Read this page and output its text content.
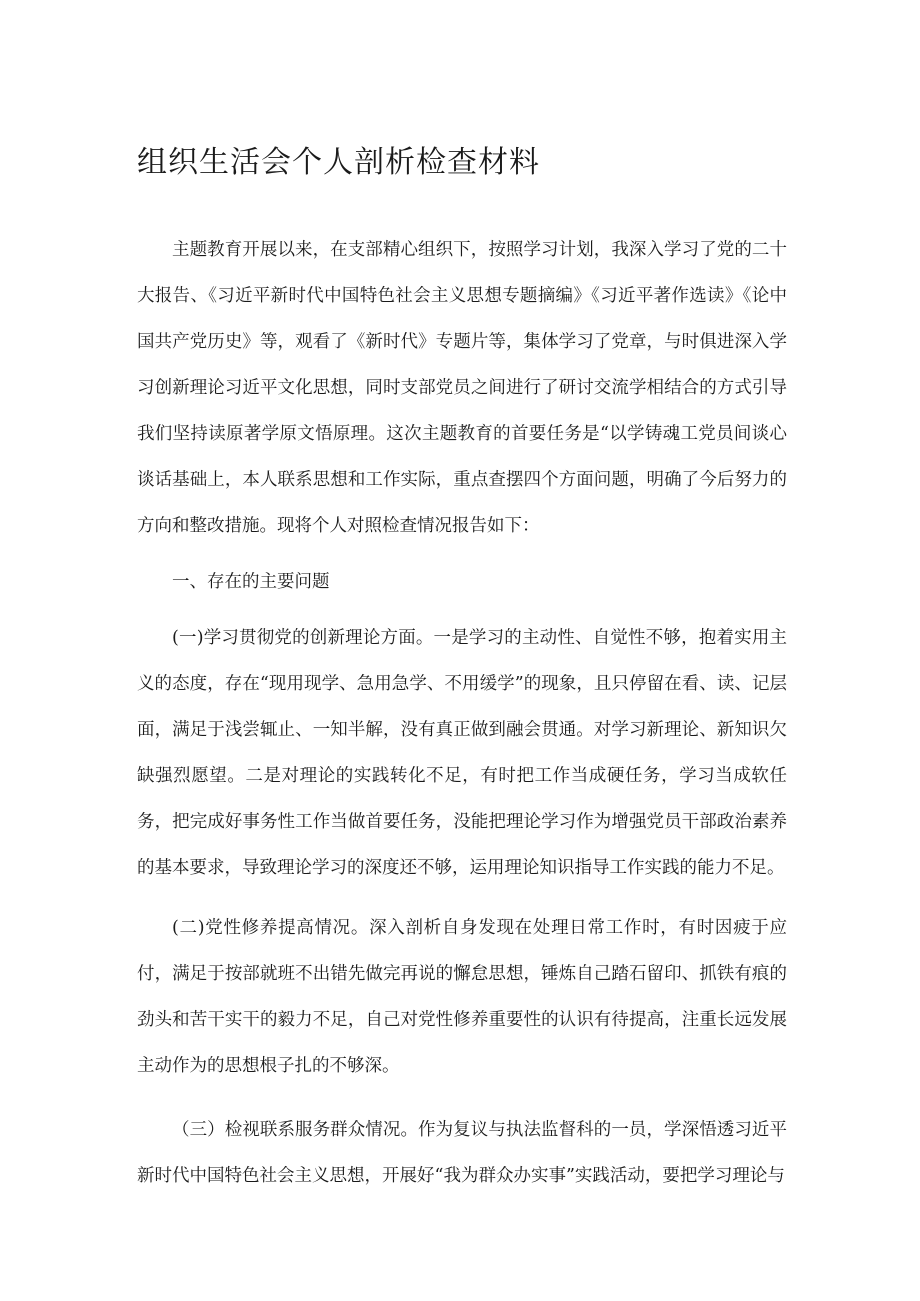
组织生活会个人剖析检查材料

主题教育开展以来，在支部精心组织下，按照学习计划，我深入学习了党的二十大报告、《习近平新时代中国特色社会主义思想专题摘编》《习近平著作选读》《论中国共产党历史》等，观看了《新时代》专题片等，集体学习了党章，与时俱进深入学习创新理论习近平文化思想，同时支部党员之间进行了研讨交流学相结合的方式引导我们坚持读原著学原文悟原理。这次主题教育的首要任务是“以学铸魂工党员间谈心谈话基础上，本人联系思想和工作实际，重点查摆四个方面问题，明确了今后努力的方向和整改措施。现将个人对照检查情况报告如下：

一、存在的主要问题

(一)学习贯彻党的创新理论方面。一是学习的主动性、自觉性不够，抱着实用主义的态度，存在“现用现学、急用急学、不用缓学”的现象，且只停留在看、读、记层面，满足于浅尝辄止、一知半解，没有真正做到融会贯通。对学习新理论、新知识欠缺强烈愿望。二是对理论的实践转化不足，有时把工作当成硬任务，学习当成软任务，把完成好事务性工作当做首要任务，没能把理论学习作为增强党员干部政治素养的基本要求，导致理论学习的深度还不够，运用理论知识指导工作实践的能力不足。

(二)党性修养提高情况。深入剖析自身发现在处理日常工作时，有时因疲于应付，满足于按部就班不出错先做完再说的懈怠思想，锤炼自己踏石留印、抓铁有痕的劲头和苦干实干的毅力不足，自己对党性修养重要性的认识有待提高，注重长远发展主动作为的思想根子扎的不够深。

（三）检视联系服务群众情况。作为复议与执法监督科的一员，学深悟透习近平新时代中国特色社会主义思想，开展好“我为群众办实事”实践活动，要把学习理论与
